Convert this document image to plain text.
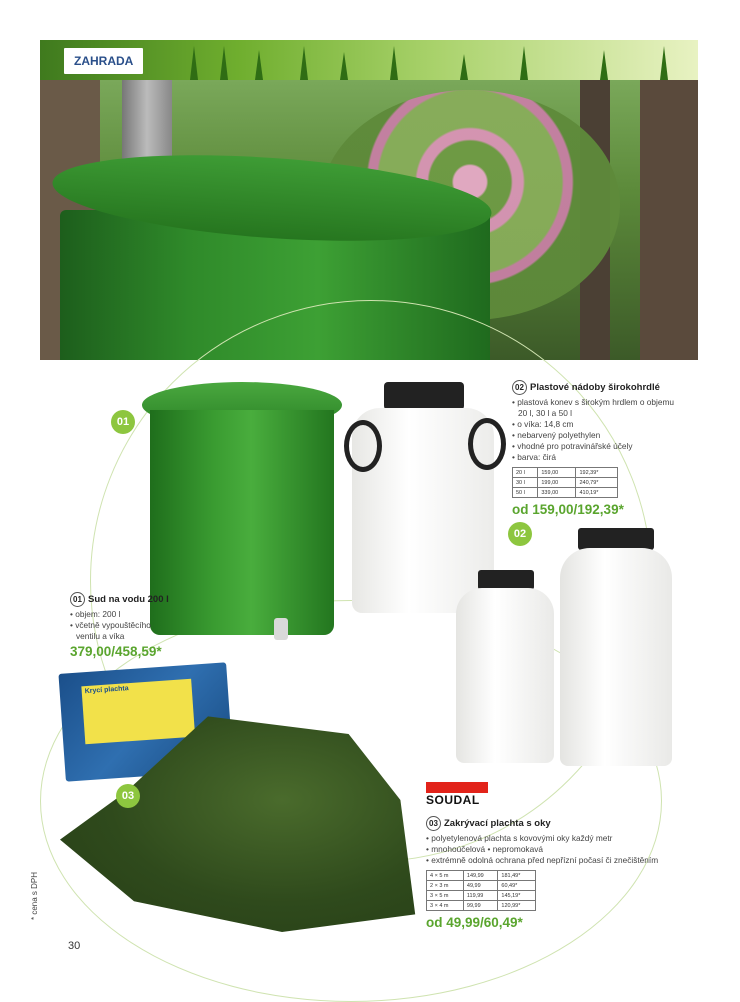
ZAHRADA
01
01 Sud na vodu 200 l
• objem: 200 l
• včetně vypouštěcího
ventilu a víka
379,00/458,59*
02
02 Plastové nádoby širokohrdlé
• plastová konev s širokým hrdlem o objemu
20 l, 30 l a 50 l
• o víka: 14,8 cm
• nebarvený polyethylen
• vhodné pro potravinářské účely
• barva: čirá
20 l	159,00	192,39*
30 l	199,00	240,79*
50 l	339,00	410,19*
od 159,00/192,39*
Krycí plachta
03	SOUDAL
03 Zakrývací plachta s oky
• polyetylenová plachta s kovovými oky každý metr
• mnohoúčelová • nepromokavá
• extrémně odolná ochrana před nepřízní počasí či znečištěním
4 × 5 m	149,99	181,49*
2 × 3 m	49,99	60,49*
3 × 5 m	119,99	145,19*
3 × 4 m	99,99	120,99*
od 49,99/60,49*
* cena s DPH
30
